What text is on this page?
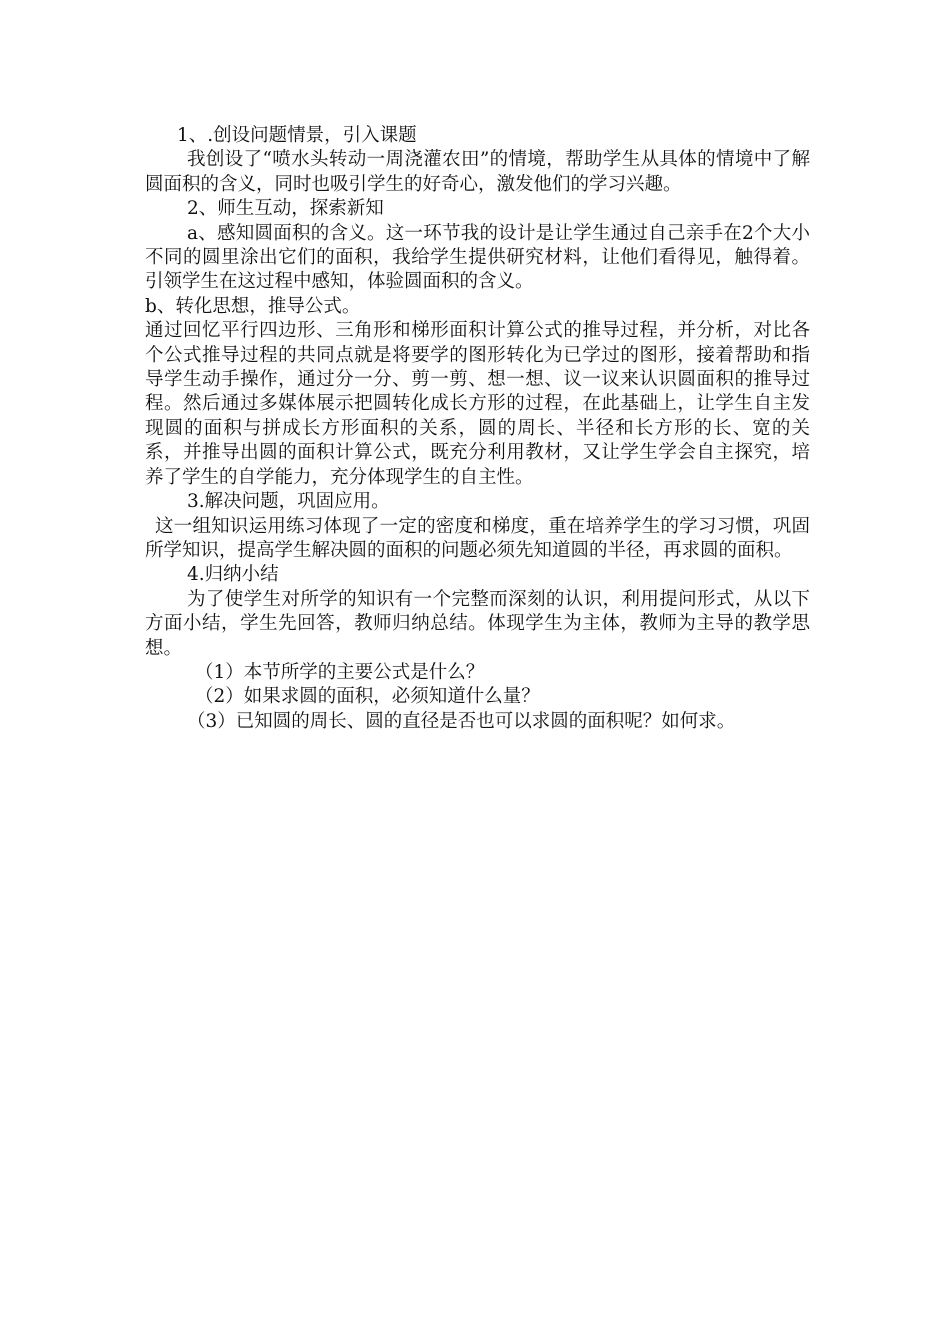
1、.创设问题情景，引入课题

我创设了“喷水头转动一周浇灌农田”的情境，帮助学生从具体的情境中了解圆面积的含义，同时也吸引学生的好奇心，激发他们的学习兴趣。

2、师生互动，探索新知

a、感知圆面积的含义。这一环节我的设计是让学生通过自己亲手在2个大小不同的圆里涂出它们的面积，我给学生提供研究材料，让他们看得见，触得着。引领学生在这过程中感知，体验圆面积的含义。

b、转化思想，推导公式。

通过回忆平行四边形、三角形和梯形面积计算公式的推导过程，并分析，对比各个公式推导过程的共同点就是将要学的图形转化为已学过的图形，接着帮助和指导学生动手操作，通过分一分、剪一剪、想一想、议一议来认识圆面积的推导过程。然后通过多媒体展示把圆转化成长方形的过程，在此基础上，让学生自主发现圆的面积与拼成长方形面积的关系，圆的周长、半径和长方形的长、宽的关系，并推导出圆的面积计算公式，既充分利用教材，又让学生学会自主探究，培养了学生的自学能力，充分体现学生的自主性。

3.解决问题，巩固应用。

这一组知识运用练习体现了一定的密度和梯度，重在培养学生的学习习惯，巩固所学知识，提高学生解决圆的面积的问题必须先知道圆的半径，再求圆的面积。

4.归纳小结

为了使学生对所学的知识有一个完整而深刻的认识，利用提问形式，从以下方面小结，学生先回答，教师归纳总结。体现学生为主体，教师为主导的教学思想。

（1）本节所学的主要公式是什么？

（2）如果求圆的面积，必须知道什么量？

（3）已知圆的周长、圆的直径是否也可以求圆的面积呢？如何求。
